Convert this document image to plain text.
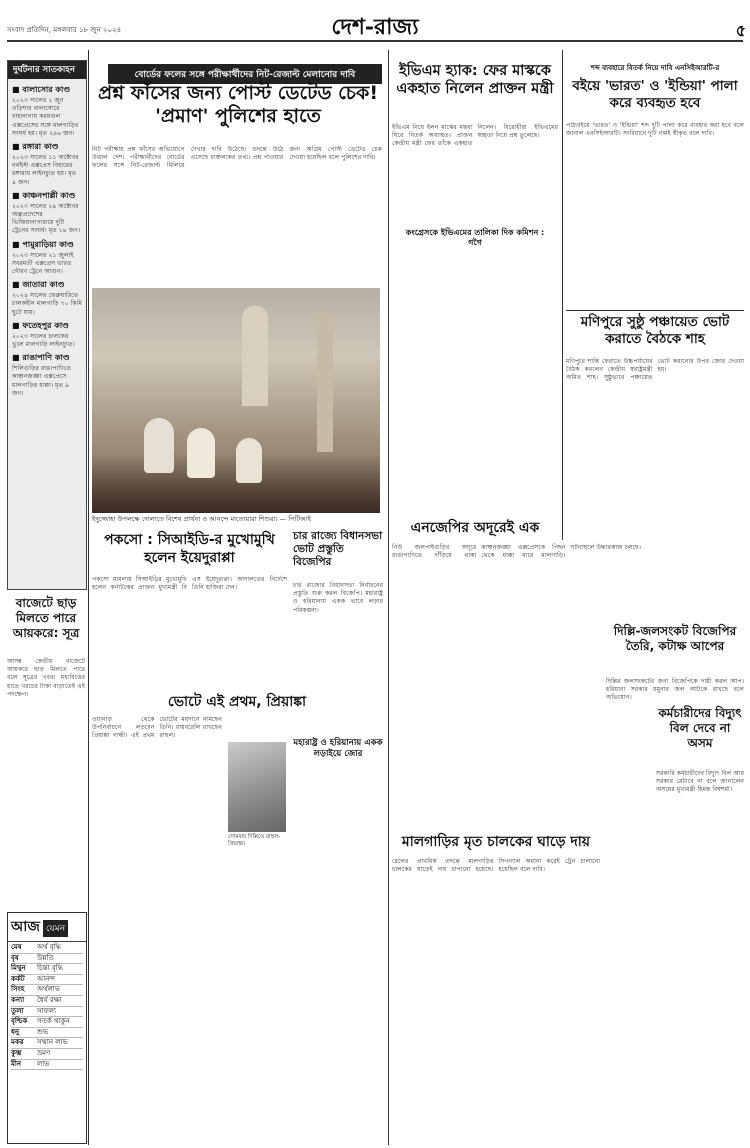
সংবাদ প্রতিদিন, মঙ্গলবার ১৮ জুন ২০২৪	দেশ-রাজ্য	৫
দুর্ঘটনার সাতকাহন
■ বালাসোর কাণ্ড
২০২৩ সালের ২ জুন ওড়িশার বালাসোরে বাহানাগায় করমণ্ডল এক্সপ্রেসের সঙ্গে মালগাড়ির সংঘর্ষ হয়। মৃত ২৯৬ জন।
■ রঙ্গারা কাণ্ড
২০২৩ সালের ১১ অক্টোবর নর্থইস্ট এক্সপ্রেস বিহারের রঙ্গারায় লাইনচ্যুত হয়। মৃত ৪ জন।
■ কাঞ্চনপাল্লী কাণ্ড
২০২৩ সালের ২৯ অক্টোবর অন্ধ্রপ্রদেশের ভিজিয়ানাগারামে দুটি ট্রেনের সংঘর্ষ। মৃত ১৪ জন।
■ পামুরাড়িয়া কাণ্ড
২০২৩ সালের ২১ জুলাই সবরমতী এক্সপ্রেস ভারত গৌরব ট্রেনে আগুন।
■ জাতারা কাণ্ড
২০২৪ সালের ফেব্রুয়ারিতে চালকহীন মালগাড়ি ৭০ কিমি ছুটে যায়।
■ ফতেহপুর কাণ্ড
২০২৩ সালের চালকের ভুলে মালগাড়ি লাইনচ্যুত।
■ রাঙাপাণি কাণ্ড
শিলিগুড়ির রাঙাপাণিতে কাঞ্চনজঙ্ঘা এক্সপ্রেসে মালগাড়ির ধাক্কা। মৃত ৯ জন।
বোর্ডের ফলের সঙ্গে পরীক্ষার্থীদের নিট-রেজাল্ট মেলানোর দাবি
প্রশ্ন ফাঁসের জন্য পোস্ট ডেটেড চেক! 'প্রমাণ' পুলিশের হাতে
নিট পরীক্ষায় প্রশ্ন ফাঁসের অভিযোগে উত্তাল দেশ। পরীক্ষার্থীদের বোর্ডের ফলের সঙ্গে নিট-রেজাল্ট মিলিয়ে দেখার দাবি উঠেছে। তদন্তে উঠে এসেছে চাঞ্চল্যকর তথ্য। প্রশ্ন পাওয়ার জন্য অগ্রিম পোস্ট ডেটেড চেক দেওয়া হয়েছিল বলে পুলিশের দাবি।
ইভিএম হ্যাক: ফের মাস্ককে একহাত নিলেন প্রাক্তন মন্ত্রী
ইভিএম নিয়ে ইলন মাস্কের মন্তব্য ঘিরে বিতর্ক অব্যাহত। প্রাক্তন কেন্দ্রীয় মন্ত্রী ফের তাঁকে একহাত নিলেন। বিরোধীরা ইভিএমের স্বচ্ছতা নিয়ে প্রশ্ন তুলেছে।
কংগ্রেসকে ইভিএমের তালিকা দিক কমিশন : গগৈ
শব্দ ব্যবহারে বিতর্ক নিয়ে দাবি এনসিইআরটি-র
বইয়ে 'ভারত' ও 'ইন্ডিয়া' পালা করে ব্যবহৃত হবে
পাঠ্যবইয়ে 'ভারত' ও 'ইন্ডিয়া' শব্দ দুটি পালা করে ব্যবহার করা হবে বলে জানাল এনসিইআরটি। সংবিধানে দুটি নামই স্বীকৃত বলে দাবি।
মণিপুরে সুষ্ঠু পঞ্চায়েত ভোট করাতে বৈঠকে শাহ
মণিপুরে শান্তি ফেরাতে উচ্চপর্যায়ের বৈঠক করলেন কেন্দ্রীয় স্বরাষ্ট্রমন্ত্রী অমিত শাহ। সুষ্ঠুভাবে পঞ্চায়েত ভোট করানোর উপর জোর দেওয়া হয়।
ইদুজ্জোহা উপলক্ষে দোলাতে বিশেষ প্রার্থনা ও আনন্দে মাতোয়ারা শিশুরা। — পিটিআই
এনজেপির অদূরেই এক
নিউ জলপাইগুড়ির অদূরে রাঙাপাণিতে দাঁড়িয়ে থাকা কাঞ্চনজঙ্ঘা এক্সপ্রেসকে পিছন থেকে ধাক্কা মারে মালগাড়ি। ঘটনাস্থলে উদ্ধারকাজ চলছে।
পকসো : সিআইডি-র মুখোমুখি হলেন ইয়েদুরাপ্পা
পকসো মামলায় সিআইডির মুখোমুখি হলেন কর্নাটকের প্রাক্তন মুখ্যমন্ত্রী বি এস ইয়েদুরাপ্পা। আদালতের নির্দেশে তিনি হাজিরা দেন।
চার রাজ্যে বিধানসভা ভোট প্রস্তুতি বিজেপির
চার রাজ্যের বিধানসভা নির্বাচনের প্রস্তুতি শুরু করল বিজেপি। মহারাষ্ট্র ও হরিয়ানায় একক ভাবে লড়ার পরিকল্পনা।
বাজেটে ছাড় মিলতে পারে আয়করে: সূত্র
আসন্ন কেন্দ্রীয় বাজেটে আয়করে ছাড় মিলতে পারে বলে সূত্রের খবর। মধ্যবিত্তের হাতে খরচের টাকা বাড়াতেই এই পদক্ষেপ।	ভোটে এই প্রথম, প্রিয়াঙ্কা
ওয়ানাড় থেকে উপনির্বাচনে লড়বেন প্রিয়াঙ্কা গান্ধী। এই প্রথম ভোটের ময়দানে নামছেন তিনি। রায়বরেলি রাখছেন রাহুল।
সোমবার দিল্লিতে রাহুল-প্রিয়াঙ্কা।
মহারাষ্ট্র ও হরিয়ানায় একক লড়াইয়ে জোর
মালগাড়ির মৃত চালকের ঘাড়ে দায়
রেলের প্রাথমিক তদন্তে মালগাড়ির চালকের ঘাড়েই দায় চাপানো হয়েছে। সিগন্যাল অমান্য করেই ট্রেন চালানো হয়েছিল বলে দাবি।
দিল্লি-জলসংকট বিজেপির তৈরি, কটাক্ষ আপের
দিল্লির জলসংকটের জন্য বিজেপিকে দায়ী করল আপ। হরিয়ানা সরকার যমুনার জল আটকে রাখছে বলে অভিযোগ।
কর্মচারীদের বিদ্যুৎ বিল দেবে না অসম
সরকারি কর্মচারীদের বিদ্যুৎ বিল আর সরকার মেটাবে না বলে জানালেন অসমের মুখ্যমন্ত্রী হিমন্ত বিশ্বশর্মা।
আজ যেমন
মেষ	অর্থ বৃদ্ধি
বৃষ	উন্নতি
মিথুন	চিন্তা বৃদ্ধি
কর্কট	আনন্দ
সিংহ	অর্থলাভ
কন্যা	ধৈর্য রক্ষা
তুলা	সাফল্য
বৃশ্চিক	সতর্ক থাকুন
ধনু	শুভ
মকর	সম্মান লাভ
কুম্ভ	ভ্রমণ
মীন	লাভ
